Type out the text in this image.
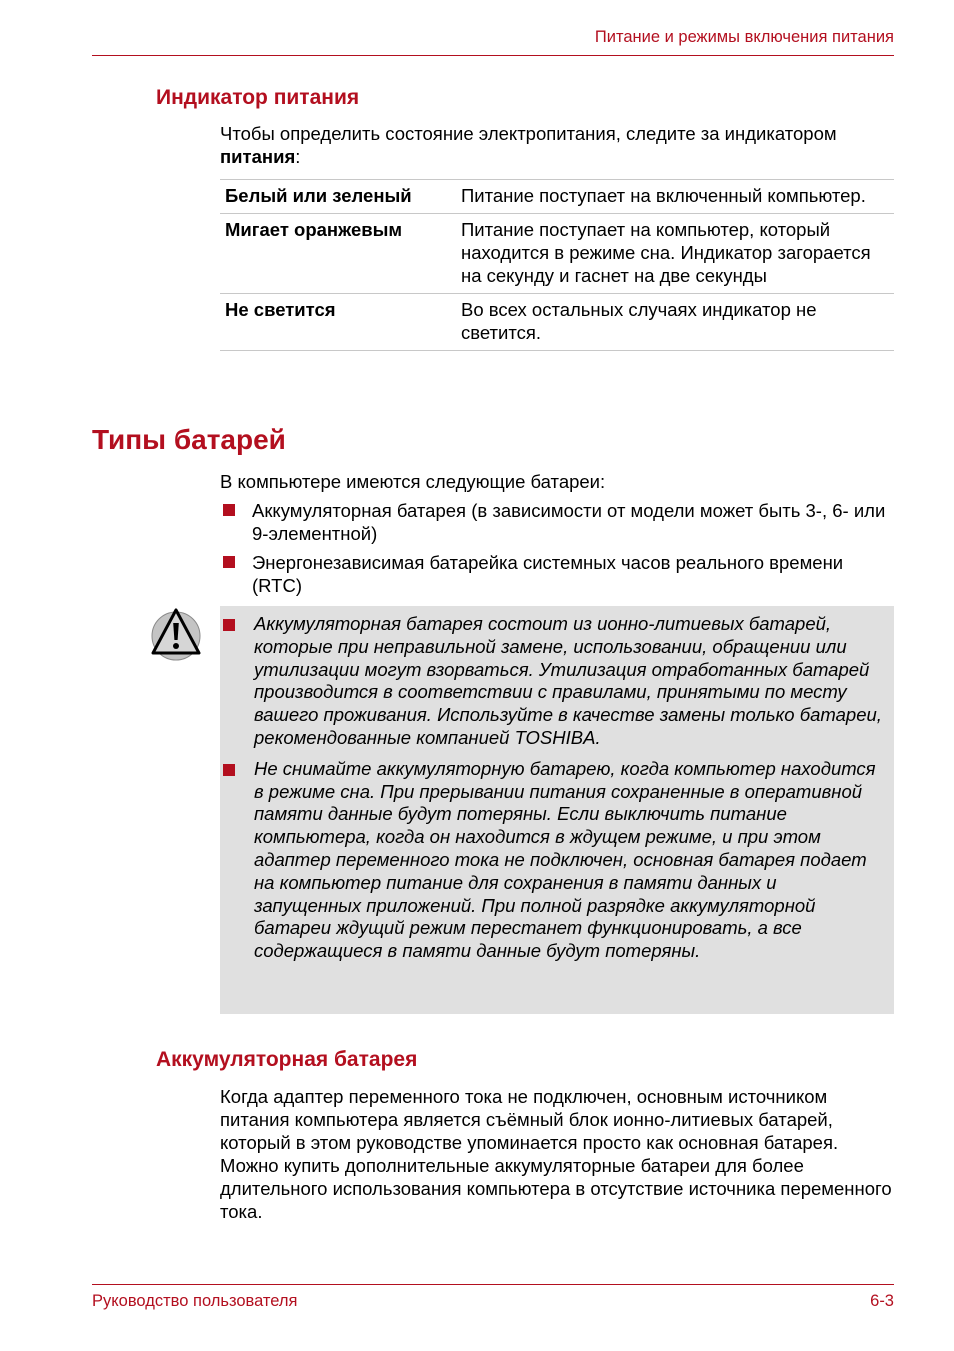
Питание и режимы включения питания
Индикатор питания
Чтобы определить состояние электропитания, следите за индикатором питания:
Белый или зеленый	Питание поступает на включенный компьютер.
Мигает оранжевым	Питание поступает на компьютер, который находится в режиме сна. Индикатор загорается на секунду и гаснет на две секунды
Не светится	Во всех остальных случаях индикатор не светится.
Типы батарей
В компьютере имеются следующие батареи:
Аккумуляторная батарея (в зависимости от модели может быть 3-, 6- или 9-элементной)
Энергонезависимая батарейка системных часов реального времени (RTC)
Аккумуляторная батарея состоит из ионно-литиевых батарей, которые при неправильной замене, использовании, обращении или утилизации могут взорваться. Утилизация отработанных батарей производится в соответствии с правилами, принятыми по месту вашего проживания. Используйте в качестве замены только батареи, рекомендованные компанией TOSHIBA.
Не снимайте аккумуляторную батарею, когда компьютер находится в режиме сна. При прерывании питания сохраненные в оперативной памяти данные будут потеряны. Если выключить питание компьютера, когда он находится в ждущем режиме, и при этом адаптер переменного тока не подключен, основная батарея подает на компьютер питание для сохранения в памяти данных и запущенных приложений. При полной разрядке аккумуляторной батареи ждущий режим перестанет функционировать, а все содержащиеся в памяти данные будут потеряны.
Аккумуляторная батарея
Когда адаптер переменного тока не подключен, основным источником питания компьютера является съёмный блок ионно-литиевых батарей, который в этом руководстве упоминается просто как основная батарея. Можно купить дополнительные аккумуляторные батареи для более длительного использования компьютера в отсутствие источника переменного тока.
Руководство пользователя	6-3
